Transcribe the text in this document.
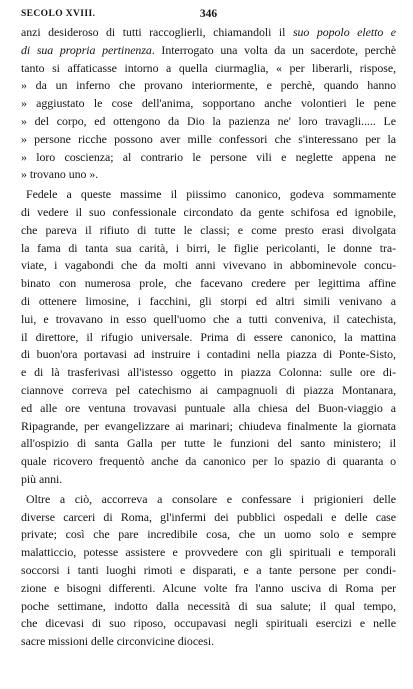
SECOLO XVIII.	346

anzi desideroso di tutti raccoglierli, chiamandoli il suo popolo eletto e
di sua propria pertinenza. Interrogato una volta da un sacerdote, perchè
tanto si affaticasse intorno a quella ciurmaglia, « per liberarli, rispose,
» da un inferno che provano interiormente, e perchè, quando hanno
» aggiustato le cose dell'anima, sopportano anche volontieri le pene
» del corpo, ed ottengono da Dio la pazienza ne' loro travagli..... Le
» persone ricche possono aver mille confessori che s'interessano per la
» loro coscienza; al contrario le persone vili e neglette appena ne
» trovano uno ».

Fedele a queste massime il piissimo canonico, godeva sommamente
di vedere il suo confessionale circondato da gente schifosa ed ignobile,
che pareva il rifiuto di tutte le classi; e come presto erasi divolgata
la fama di tanta sua carità, i birri, le figlie pericolanti, le donne tra-
viate, i vagabondi che da molti anni vivevano in abbominevole concu-
binato con numerosa prole, che facevano credere per legittima affine
di ottenere limosine, i facchini, gli storpi ed altri simili venivano a
lui, e trovavano in esso quell'uomo che a tutti conveniva, il catechista,
il direttore, il rifugio universale. Prima di essere canonico, la mattina
di buon'ora portavasi ad instruire i contadini nella piazza di Ponte-Sisto,
e di là trasferivasi all'istesso oggetto in piazza Colonna: sulle ore di-
ciannove correva pel catechismo ai campagnuoli di piazza Montanara,
ed alle ore ventuna trovavasi puntuale alla chiesa del Buon-viaggio a
Ripagrande, per evangelizzare ai marinari; chiudeva finalmente la giornata
all'ospizio di santa Galla per tutte le funzioni del santo ministero; il
quale ricovero frequentò anche da canonico per lo spazio di quaranta o
più anni.

Oltre a ciò, accorreva a consolare e confessare i prigionieri delle
diverse carceri di Roma, gl'infermi dei pubblici ospedali e delle case
private; così che pare incredibile cosa, che un uomo solo e sempre
malatticcio, potesse assistere e provvedere con gli spirituali e temporali
soccorsi i tanti luoghi rimoti e disparati, e a tante persone per condi-
zione e bisogni differenti. Alcune volte fra l'anno usciva di Roma per
poche settimane, indotto dalla necessità di sua salute; il qual tempo,
che dicevasi di suo riposo, occupavasi negli spirituali esercizi e nelle
sacre missioni delle circonvicine diocesi.
